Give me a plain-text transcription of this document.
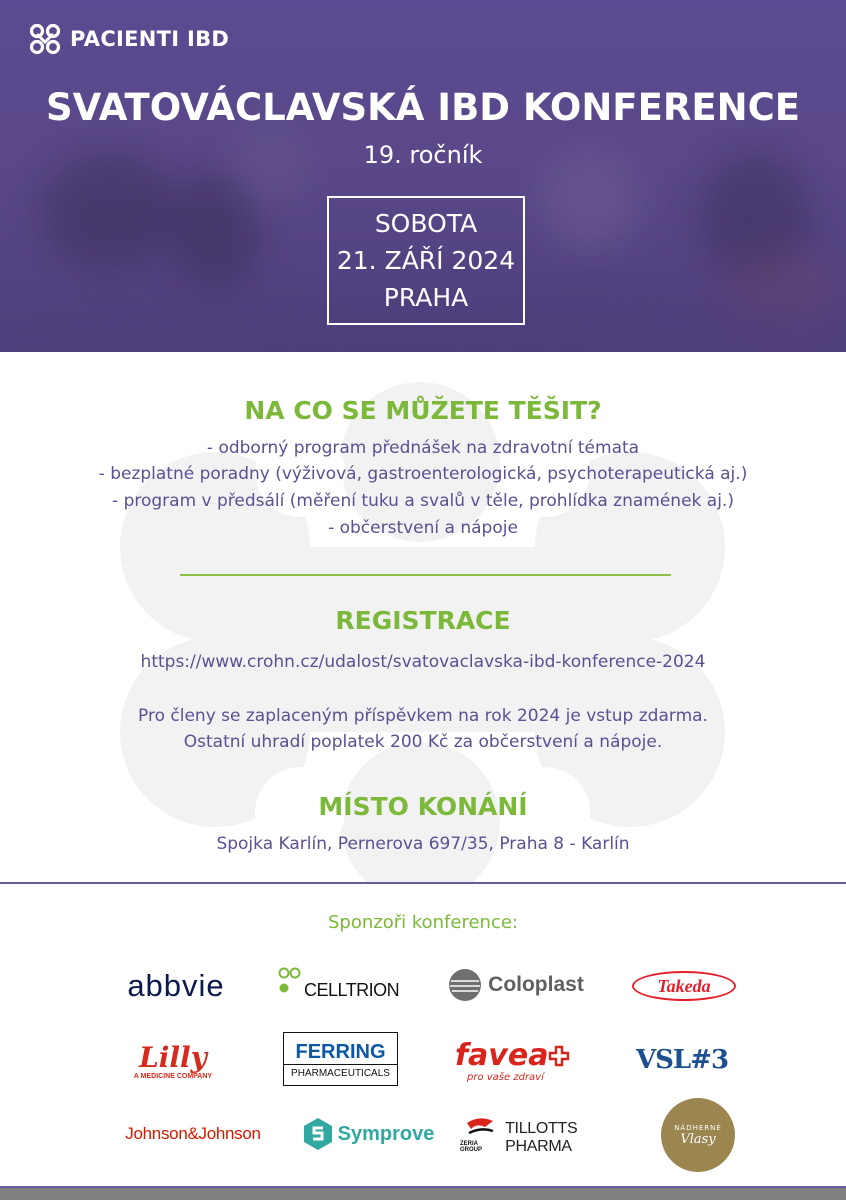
PACIENTI IBD
SVATOVÁCLAVSKÁ IBD KONFERENCE
19. ročník
SOBOTA
21. ZÁŘÍ 2024
PRAHA
NA CO SE MŮŽETE TĚŠIT?
- odborný program přednášek na zdravotní témata
- bezplatné poradny (výživová, gastroenterologická, psychoterapeutická aj.)
- program v předsálí (měření tuku a svalů v těle, prohlídka znamének aj.)
- občerstvení a nápoje
REGISTRACE
https://www.crohn.cz/udalost/svatovaclavska-ibd-konference-2024
Pro členy se zaplaceným příspěvkem na rok 2024 je vstup zdarma.
Ostatní uhradí poplatek 200 Kč za občerstvení a nápoje.
MÍSTO KONÁNÍ
Spojka Karlín, Pernerova 697/35, Praha 8 - Karlín
Sponzoři konference:
abbvie	CELLTRION	Coloplast	Takeda
Lilly
A MEDICINE COMPANY
FERRING
PHARMACEUTICALS
favea
pro vaše zdraví
VSL#3
Johnson&Johnson	Symprove	ZERIA GROUP
TILLOTTS PHARMA
NÁDHERNÉ
Vlasy
